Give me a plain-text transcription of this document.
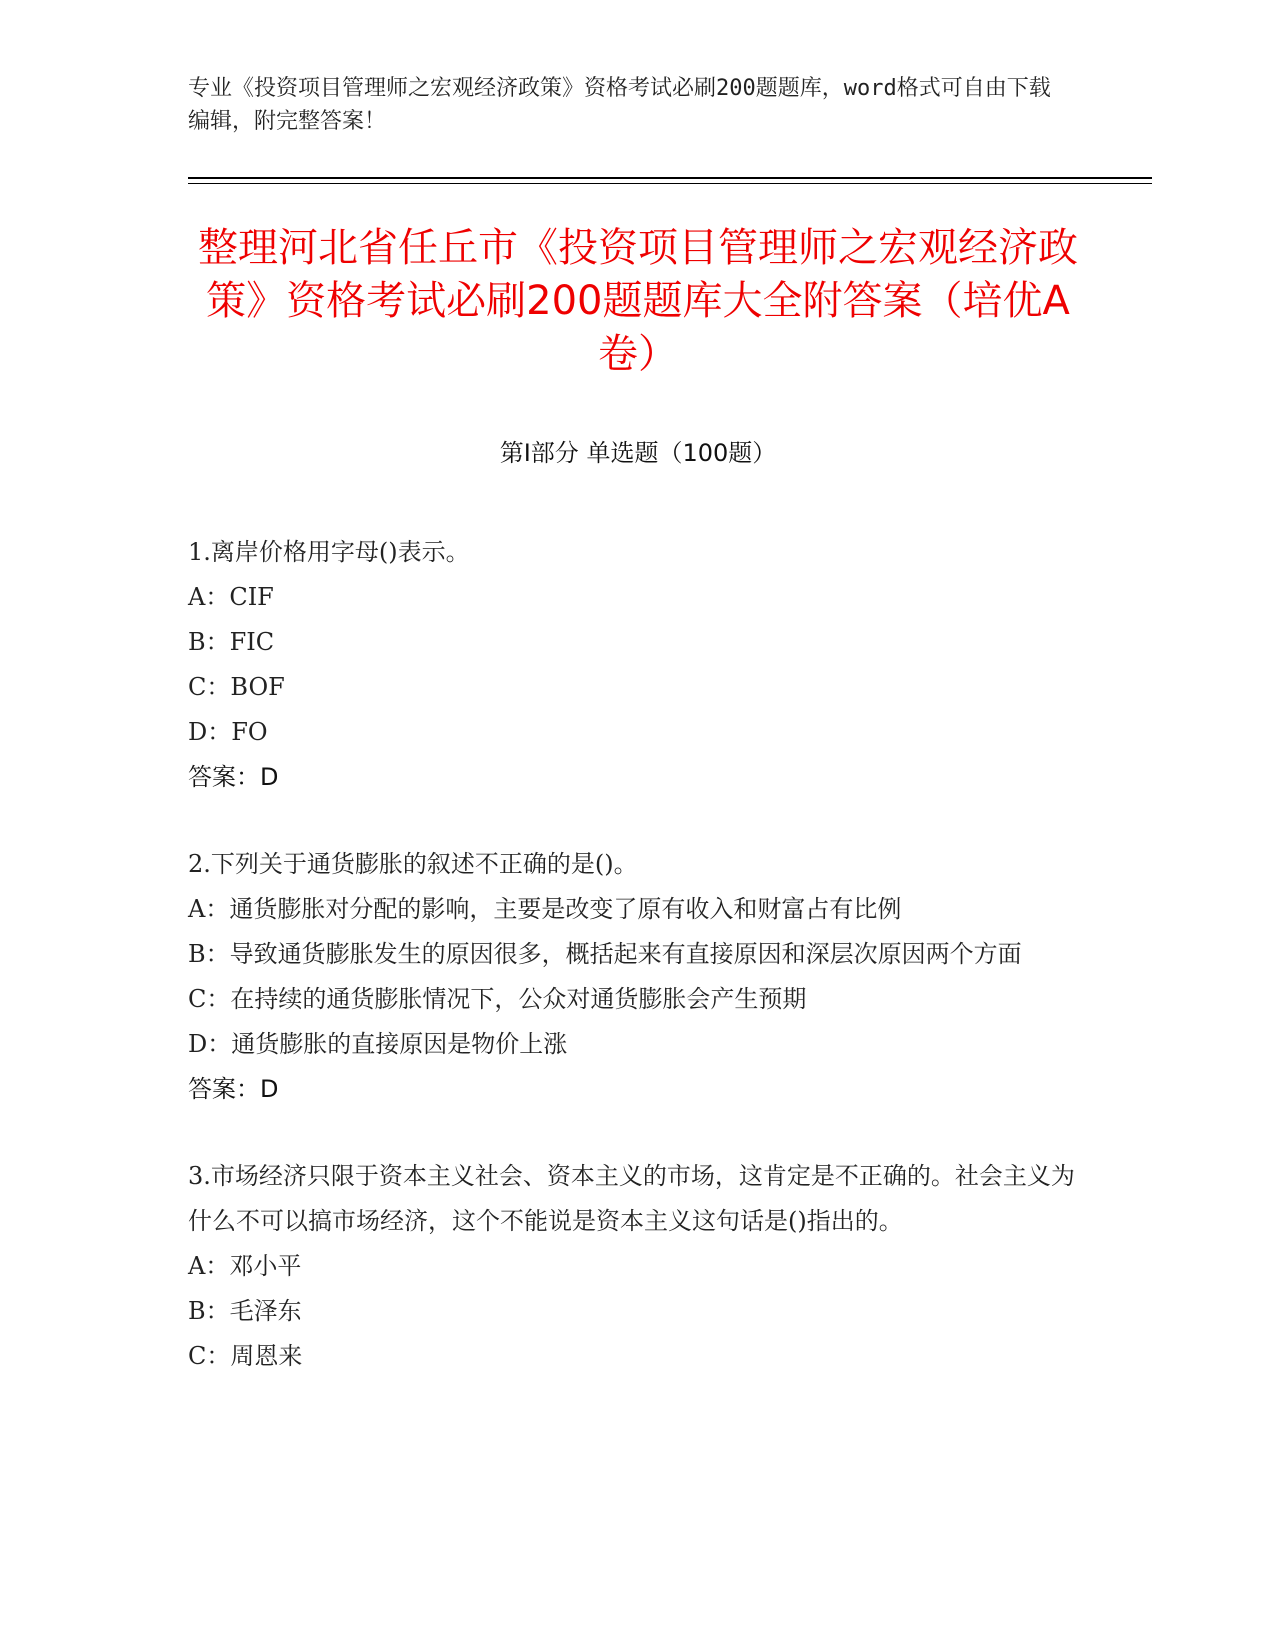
专业《投资项目管理师之宏观经济政策》资格考试必刷200题题库，word格式可自由下载编辑，附完整答案！
整理河北省任丘市《投资项目管理师之宏观经济政策》资格考试必刷200题题库大全附答案（培优A卷）
第Ⅰ部分 单选题（100题）

1.离岸价格用字母()表示。

A：CIF

B：FIC

C：BOF

D：FO

答案：D

2.下列关于通货膨胀的叙述不正确的是()。

A：通货膨胀对分配的影响，主要是改变了原有收入和财富占有比例

B：导致通货膨胀发生的原因很多，概括起来有直接原因和深层次原因两个方面

C：在持续的通货膨胀情况下，公众对通货膨胀会产生预期

D：通货膨胀的直接原因是物价上涨

答案：D

3.市场经济只限于资本主义社会、资本主义的市场，这肯定是不正确的。社会主义为什么不可以搞市场经济，这个不能说是资本主义这句话是()指出的。

A：邓小平

B：毛泽东

C：周恩来
